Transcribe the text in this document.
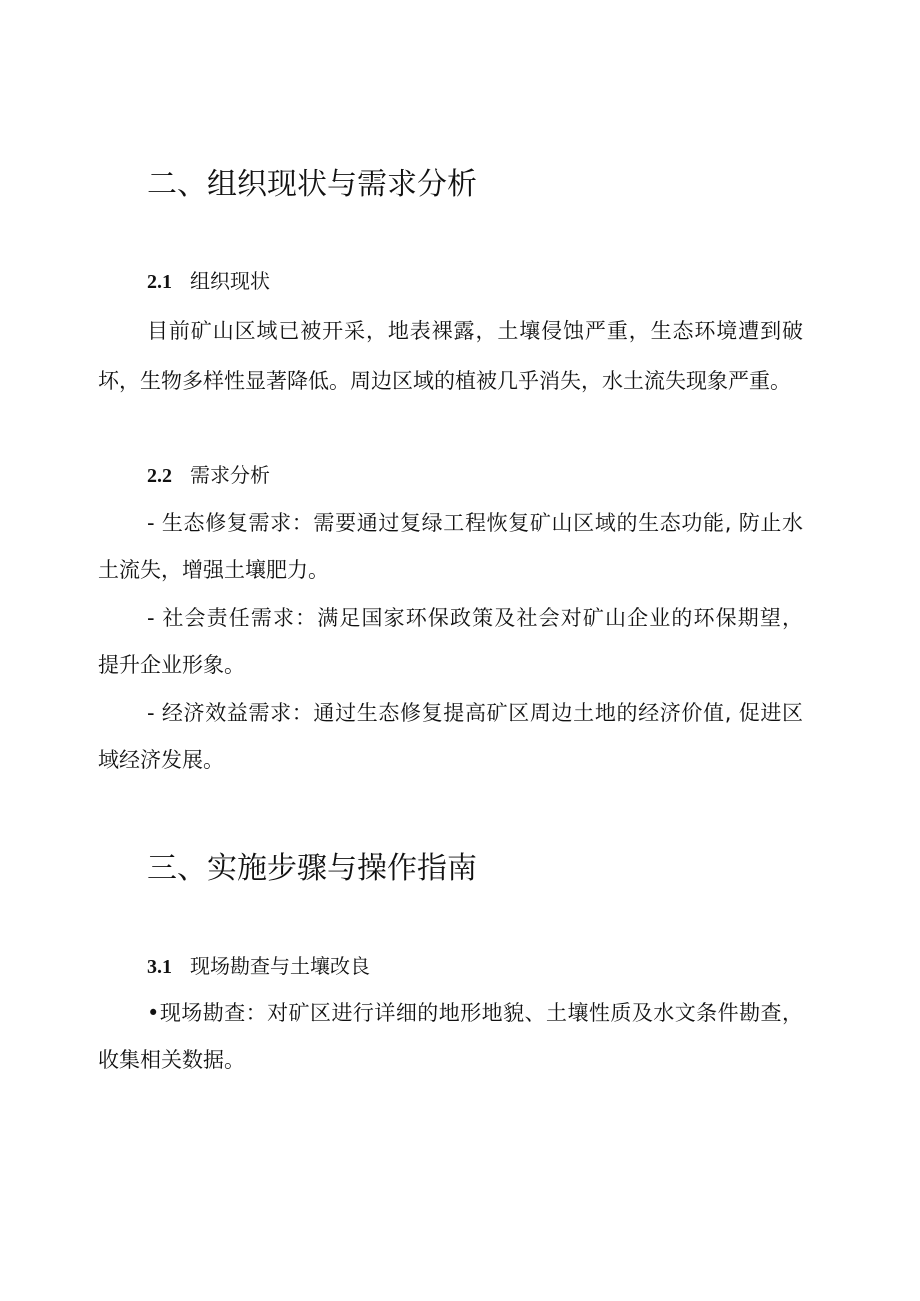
二、组织现状与需求分析
2.1 组织现状
目前矿山区域已被开采，地表裸露，土壤侵蚀严重，生态环境遭到破
坏，生物多样性显著降低。周边区域的植被几乎消失，水土流失现象严重。
2.2 需求分析
- 生态修复需求：需要通过复绿工程恢复矿山区域的生态功能, 防止水
土流失，增强土壤肥力。
- 社会责任需求：满足国家环保政策及社会对矿山企业的环保期望，
提升企业形象。
- 经济效益需求：通过生态修复提高矿区周边土地的经济价值, 促进区
域经济发展。
三、实施步骤与操作指南
3.1 现场勘查与土壤改良
•现场勘查：对矿区进行详细的地形地貌、土壤性质及水文条件勘查，
收集相关数据。
